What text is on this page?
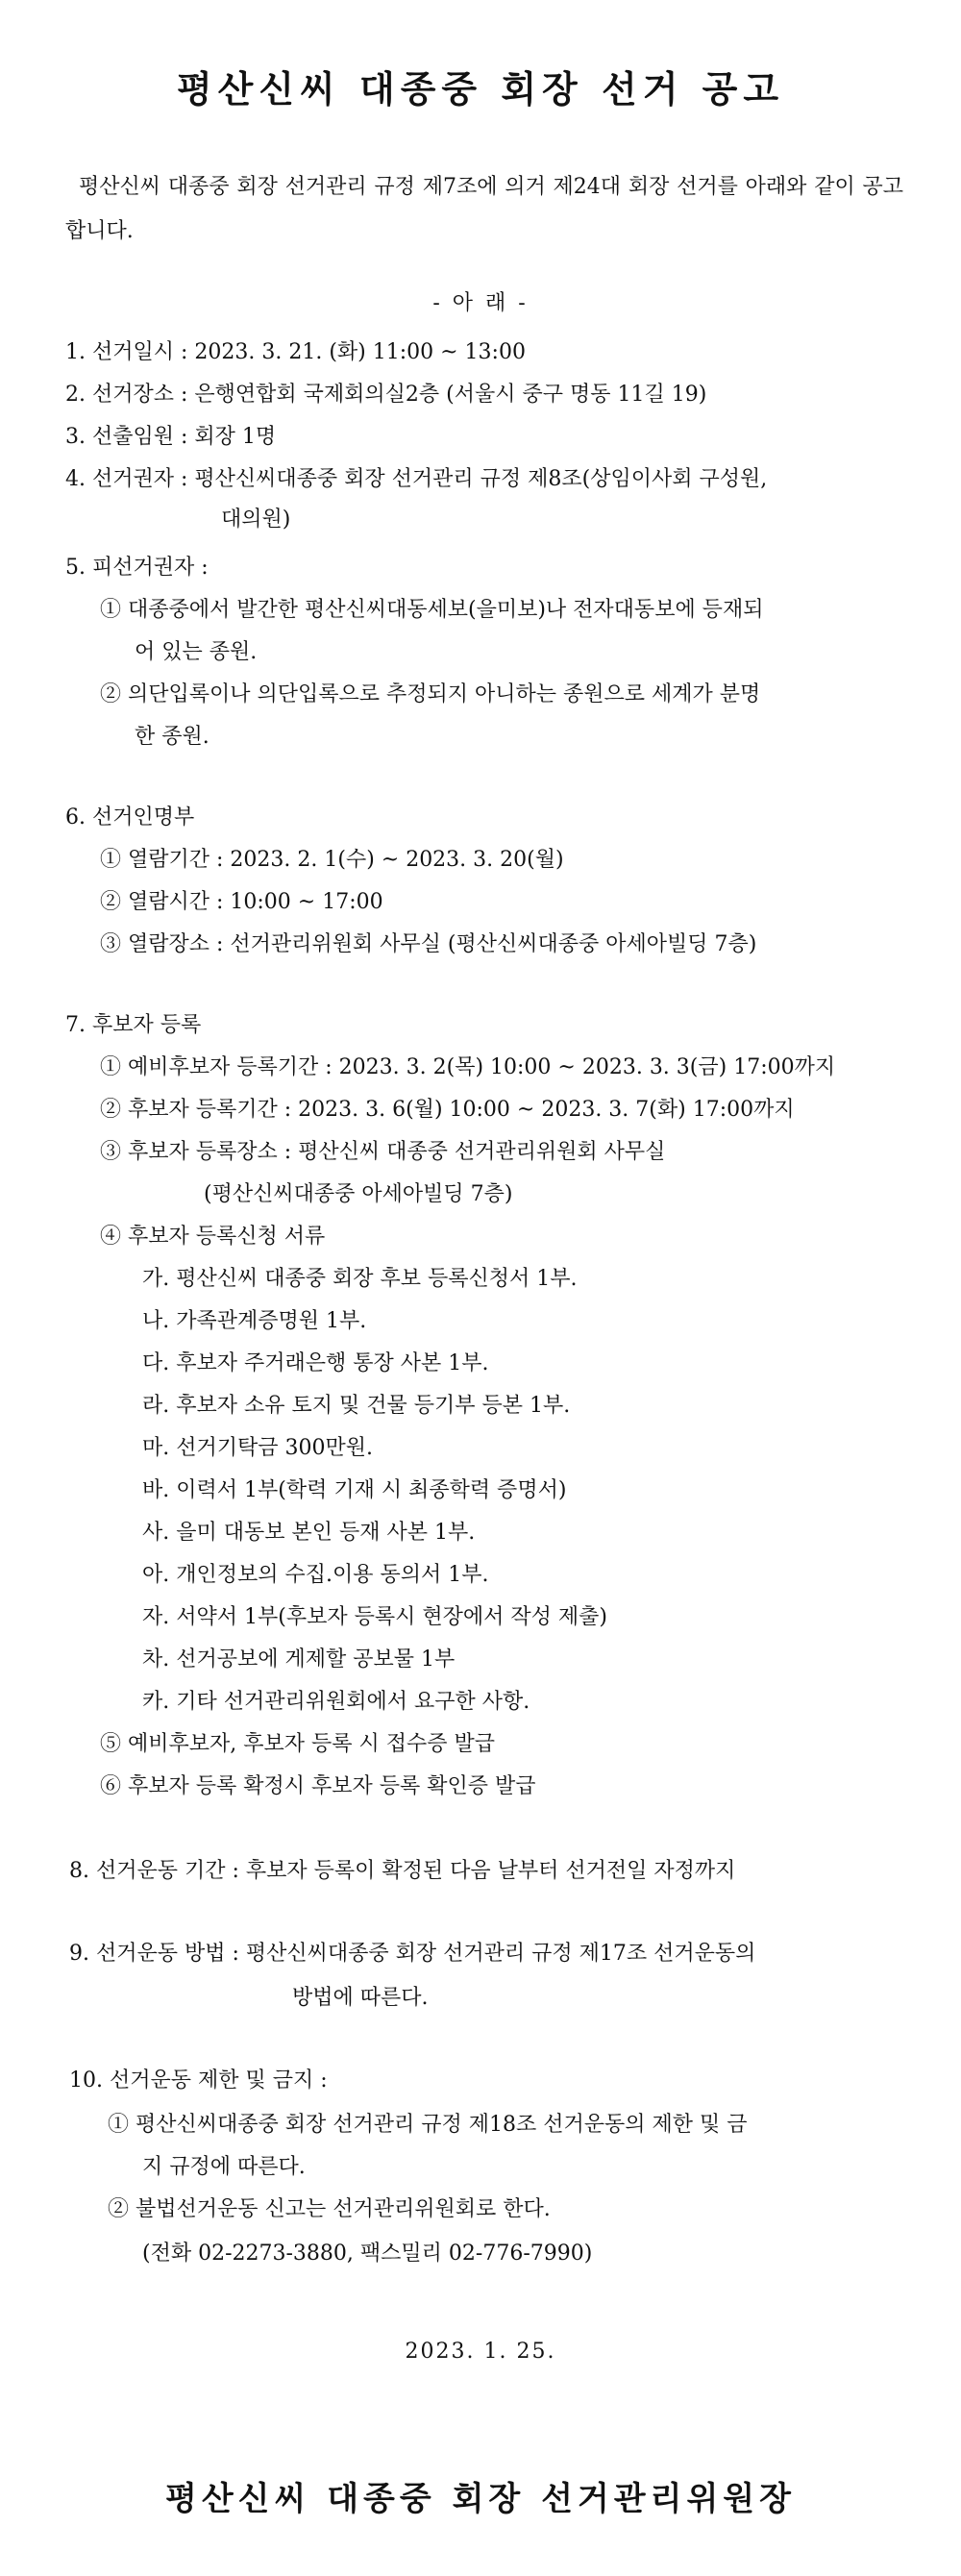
평산신씨 대종중 회장 선거 공고
평산신씨 대종중 회장 선거관리 규정 제7조에 의거 제24대 회장 선거를 아래와 같이 공고합니다.
- 아 래 -
1. 선거일시 : 2023. 3. 21. (화) 11:00 ~ 13:00
2. 선거장소 : 은행연합회 국제회의실2층 (서울시 중구 명동 11길 19)
3. 선출임원 : 회장 1명
4. 선거권자 : 평산신씨대종중 회장 선거관리 규정 제8조(상임이사회 구성원,
대의원)
5. 피선거권자 :
① 대종중에서 발간한 평산신씨대동세보(을미보)나 전자대동보에 등재되
어 있는 종원.
② 의단입록이나 의단입록으로 추정되지 아니하는 종원으로 세계가 분명
한 종원.
6. 선거인명부
① 열람기간 : 2023. 2. 1(수) ~ 2023. 3. 20(월)
② 열람시간 : 10:00 ~ 17:00
③ 열람장소 : 선거관리위원회 사무실 (평산신씨대종중 아세아빌딩 7층)
7. 후보자 등록
① 예비후보자 등록기간 : 2023. 3. 2(목) 10:00 ~ 2023. 3. 3(금) 17:00까지
② 후보자 등록기간 : 2023. 3. 6(월) 10:00 ~ 2023. 3. 7(화) 17:00까지
③ 후보자 등록장소 : 평산신씨 대종중 선거관리위원회 사무실
(평산신씨대종중 아세아빌딩 7층)
④ 후보자 등록신청 서류
가. 평산신씨 대종중 회장 후보 등록신청서 1부.
나. 가족관계증명원 1부.
다. 후보자 주거래은행 통장 사본 1부.
라. 후보자 소유 토지 및 건물 등기부 등본 1부.
마. 선거기탁금 300만원.
바. 이력서 1부(학력 기재 시 최종학력 증명서)
사. 을미 대동보 본인 등재 사본 1부.
아. 개인정보의 수집.이용 동의서 1부.
자. 서약서 1부(후보자 등록시 현장에서 작성 제출)
차. 선거공보에 게제할 공보물 1부
카. 기타 선거관리위원회에서 요구한 사항.
⑤ 예비후보자, 후보자 등록 시 접수증 발급
⑥ 후보자 등록 확정시 후보자 등록 확인증 발급
8. 선거운동 기간 : 후보자 등록이 확정된 다음 날부터 선거전일 자정까지
9. 선거운동 방법 : 평산신씨대종중 회장 선거관리 규정 제17조 선거운동의
방법에 따른다.
10. 선거운동 제한 및 금지 :
① 평산신씨대종중 회장 선거관리 규정 제18조 선거운동의 제한 및 금
지 규정에 따른다.
② 불법선거운동 신고는 선거관리위원회로 한다.
(전화 02-2273-3880, 팩스밀리 02-776-7990)
2023. 1. 25.
평산신씨 대종중 회장 선거관리위원장
